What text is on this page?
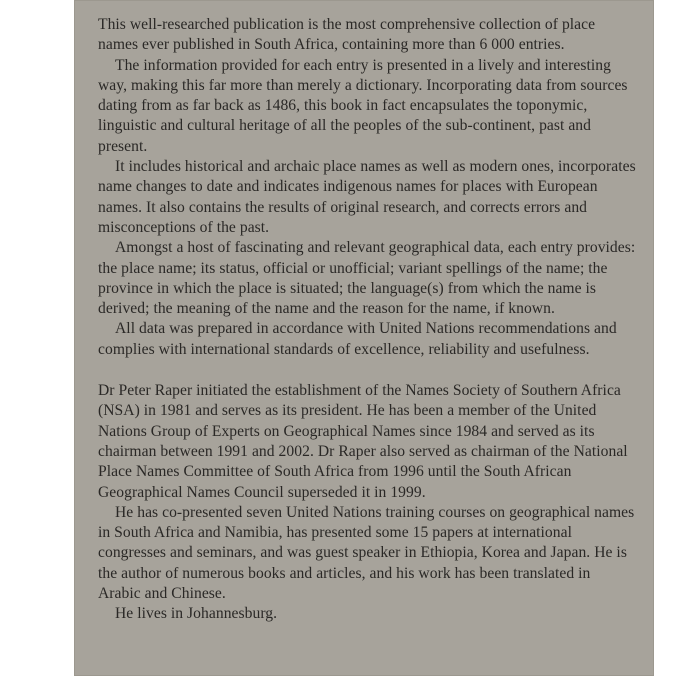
This well-researched publication is the most comprehensive collection of place names ever published in South Africa, containing more than 6 000 entries.

The information provided for each entry is presented in a lively and interesting way, making this far more than merely a dictionary. Incorporating data from sources dating from as far back as 1486, this book in fact encapsulates the toponymic, linguistic and cultural heritage of all the peoples of the sub-continent, past and present.

It includes historical and archaic place names as well as modern ones, incorporates name changes to date and indicates indigenous names for places with European names. It also contains the results of original research, and corrects errors and misconceptions of the past.

Amongst a host of fascinating and relevant geographical data, each entry provides: the place name; its status, official or unofficial; variant spellings of the name; the province in which the place is situated; the language(s) from which the name is derived; the meaning of the name and the reason for the name, if known.

All data was prepared in accordance with United Nations recommendations and complies with international standards of excellence, reliability and usefulness.

Dr Peter Raper initiated the establishment of the Names Society of Southern Africa (NSA) in 1981 and serves as its president. He has been a member of the United Nations Group of Experts on Geographical Names since 1984 and served as its chairman between 1991 and 2002. Dr Raper also served as chairman of the National Place Names Committee of South Africa from 1996 until the South African Geographical Names Council superseded it in 1999.

He has co-presented seven United Nations training courses on geographical names in South Africa and Namibia, has presented some 15 papers at international congresses and seminars, and was guest speaker in Ethiopia, Korea and Japan. He is the author of numerous books and articles, and his work has been translated in Arabic and Chinese.

He lives in Johannesburg.
